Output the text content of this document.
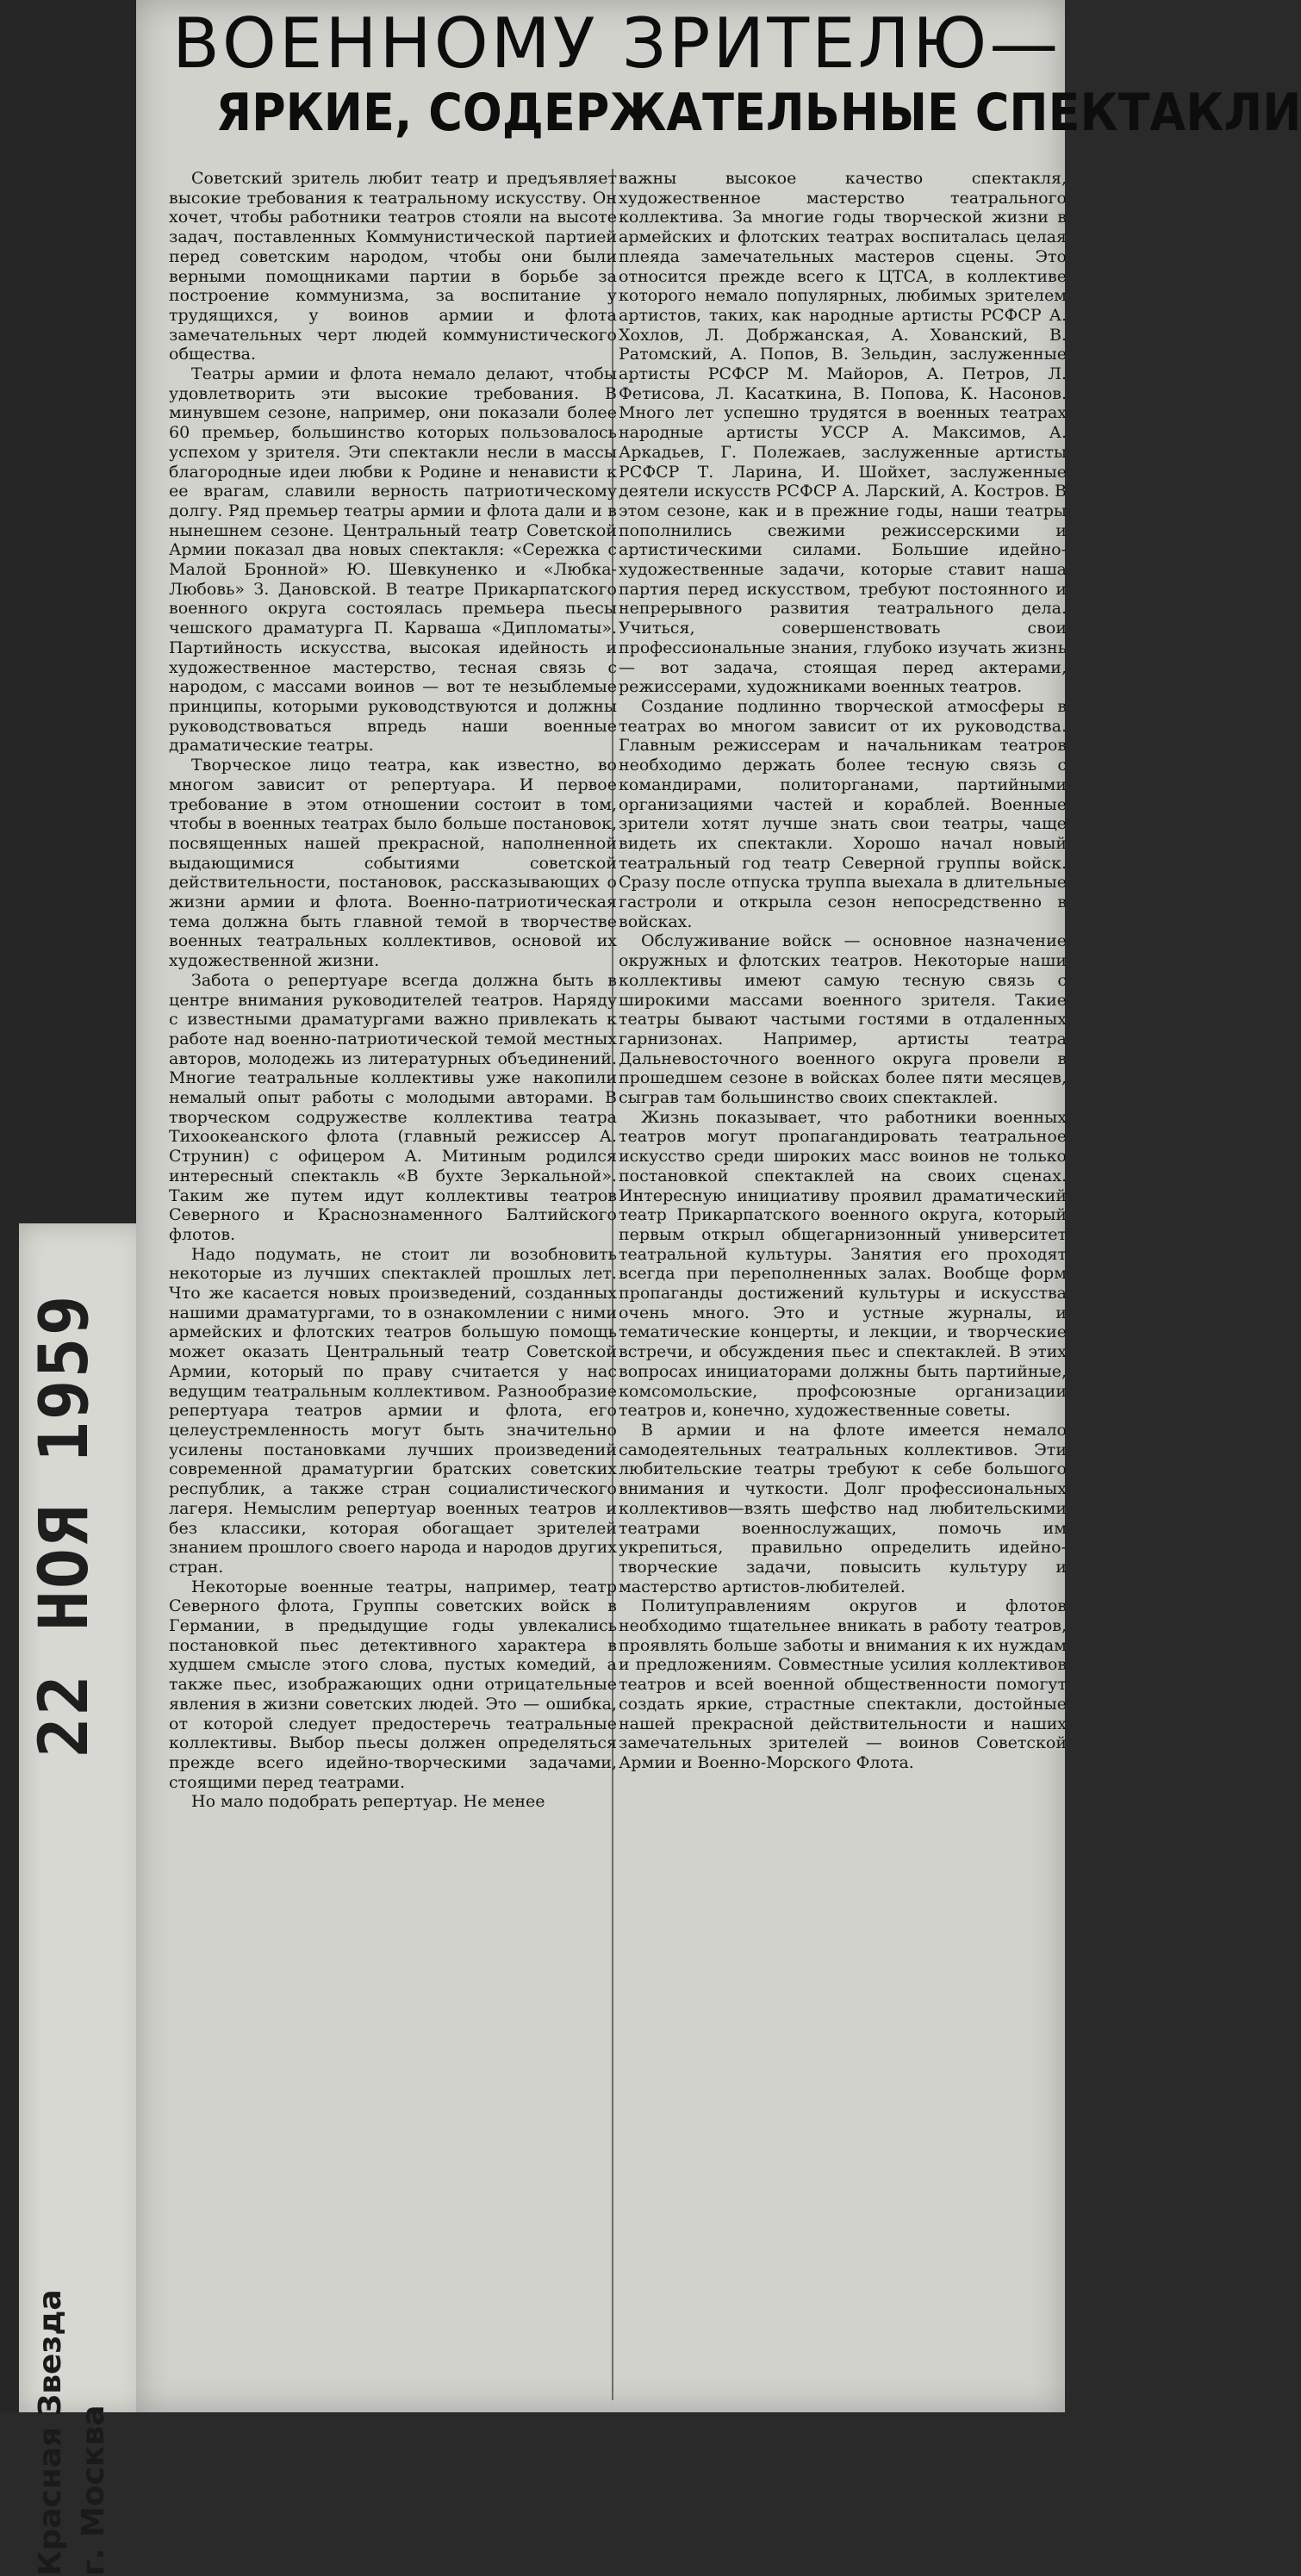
22 НОЯ 1959
Красная Звезда г. Москва
ВОЕННОМУ ЗРИТЕЛЮ—
ЯРКИЕ, СОДЕРЖАТЕЛЬНЫЕ СПЕКТАКЛИ

Советский зритель любит театр и предъявляет высокие требования к театральному искусству. Он хочет, чтобы работники театров стояли на высоте задач, поставленных Коммунистической партией перед советским народом, чтобы они были верными помощниками партии в борьбе за построение коммунизма, за воспитание у трудящихся, у воинов армии и флота замечательных черт людей коммунистического общества.

Театры армии и флота немало делают, чтобы удовлетворить эти высокие требования. В минувшем сезоне, например, они показали более 60 премьер, большинство которых пользовалось успехом у зрителя. Эти спектакли несли в массы благородные идеи любви к Родине и ненависти к ее врагам, славили верность патриотическому долгу. Ряд премьер театры армии и флота дали и в нынешнем сезоне. Центральный театр Советской Армии показал два новых спектакля: «Сережка с Малой Бронной» Ю. Шевкуненко и «Любка-Любовь» З. Дановской. В театре Прикарпатского военного округа состоялась премьера пьесы чешского драматурга П. Карваша «Дипломаты». Партийность искусства, высокая идейность и художественное мастерство, тесная связь с народом, с массами воинов — вот те незыблемые принципы, которыми руководствуются и должны руководствоваться впредь наши военные драматические театры.

Творческое лицо театра, как известно, во многом зависит от репертуара. И первое требование в этом отношении состоит в том, чтобы в военных театрах было больше постановок, посвященных нашей прекрасной, наполненной выдающимися событиями советской действительности, постановок, рассказывающих о жизни армии и флота. Военно-патриотическая тема должна быть главной темой в творчестве военных театральных коллективов, основой их художественной жизни.

Забота о репертуаре всегда должна быть в центре внимания руководителей театров. Наряду с известными драматургами важно привлекать к работе над военно-патриотической темой местных авторов, молодежь из литературных объединений. Многие театральные коллективы уже накопили немалый опыт работы с молодыми авторами. В творческом содружестве коллектива театра Тихоокеанского флота (главный режиссер А. Струнин) с офицером А. Митиным родился интересный спектакль «В бухте Зеркальной». Таким же путем идут коллективы театров Северного и Краснознаменного Балтийского флотов.

Надо подумать, не стоит ли возобновить некоторые из лучших спектаклей прошлых лет. Что же касается новых произведений, созданных нашими драматургами, то в ознакомлении с ними армейских и флотских театров большую помощь может оказать Центральный театр Советской Армии, который по праву считается у нас ведущим театральным коллективом. Разнообразие репертуара театров армии и флота, его целеустремленность могут быть значительно усилены постановками лучших произведений современной драматургии братских советских республик, а также стран социалистического лагеря. Немыслим репертуар военных театров и без классики, которая обогащает зрителей знанием прошлого своего народа и народов других стран.

Некоторые военные театры, например, театр Северного флота, Группы советских войск в Германии, в предыдущие годы увлекались постановкой пьес детективного характера в худшем смысле этого слова, пустых комедий, а также пьес, изображающих одни отрицательные явления в жизни советских людей. Это — ошибка, от которой следует предостеречь театральные коллективы. Выбор пьесы должен определяться прежде всего идейно-творческими задачами, стоящими перед театрами.

Но мало подобрать репертуар. Не менее

важны высокое качество спектакля, художественное мастерство театрального коллектива. За многие годы творческой жизни в армейских и флотских театрах воспиталась целая плеяда замечательных мастеров сцены. Это относится прежде всего к ЦТСА, в коллективе которого немало популярных, любимых зрителем артистов, таких, как народные артисты РСФСР А. Хохлов, Л. Добржанская, А. Хованский, В. Ратомский, А. Попов, В. Зельдин, заслуженные артисты РСФСР М. Майоров, А. Петров, Л. Фетисова, Л. Касаткина, В. Попова, К. Насонов. Много лет успешно трудятся в военных театрах народные артисты УССР А. Максимов, А. Аркадьев, Г. Полежаев, заслуженные артисты РСФСР Т. Ларина, И. Шойхет, заслуженные деятели искусств РСФСР А. Ларский, А. Костров. В этом сезоне, как и в прежние годы, наши театры пополнились свежими режиссерскими и артистическими силами. Большие идейно-художественные задачи, которые ставит наша партия перед искусством, требуют постоянного и непрерывного развития театрального дела. Учиться, совершенствовать свои профессиональные знания, глубоко изучать жизнь — вот задача, стоящая перед актерами, режиссерами, художниками военных театров.

Создание подлинно творческой атмосферы в театрах во многом зависит от их руководства. Главным режиссерам и начальникам театров необходимо держать более тесную связь с командирами, политорганами, партийными организациями частей и кораблей. Военные зрители хотят лучше знать свои театры, чаще видеть их спектакли. Хорошо начал новый театральный год театр Северной группы войск. Сразу после отпуска труппа выехала в длительные гастроли и открыла сезон непосредственно в войсках.

Обслуживание войск — основное назначение окружных и флотских театров. Некоторые наши коллективы имеют самую тесную связь с широкими массами военного зрителя. Такие театры бывают частыми гостями в отдаленных гарнизонах. Например, артисты театра Дальневосточного военного округа провели в прошедшем сезоне в войсках более пяти месяцев, сыграв там большинство своих спектаклей.

Жизнь показывает, что работники военных театров могут пропагандировать театральное искусство среди широких масс воинов не только постановкой спектаклей на своих сценах. Интересную инициативу проявил драматический театр Прикарпатского военного округа, который первым открыл общегарнизонный университет театральной культуры. Занятия его проходят всегда при переполненных залах. Вообще форм пропаганды достижений культуры и искусства очень много. Это и устные журналы, и тематические концерты, и лекции, и творческие встречи, и обсуждения пьес и спектаклей. В этих вопросах инициаторами должны быть партийные, комсомольские, профсоюзные организации театров и, конечно, художественные советы.

В армии и на флоте имеется немало самодеятельных театральных коллективов. Эти любительские театры требуют к себе большого внимания и чуткости. Долг профессиональных коллективов—взять шефство над любительскими театрами военнослужащих, помочь им укрепиться, правильно определить идейно-творческие задачи, повысить культуру и мастерство артистов-любителей.

Политуправлениям округов и флотов необходимо тщательнее вникать в работу театров, проявлять больше заботы и внимания к их нуждам и предложениям. Совместные усилия коллективов театров и всей военной общественности помогут создать яркие, страстные спектакли, достойные нашей прекрасной действительности и наших замечательных зрителей — воинов Советской Армии и Военно-Морского Флота.
